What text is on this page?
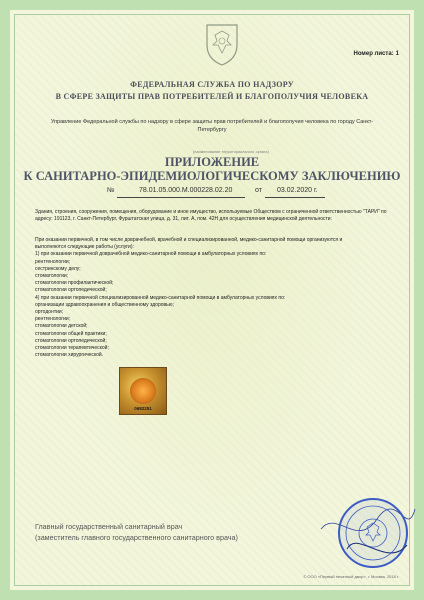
Номер листа: 1
ФЕДЕРАЛЬНАЯ СЛУЖБА ПО НАДЗОРУ
В СФЕРЕ ЗАЩИТЫ ПРАВ ПОТРЕБИТЕЛЕЙ И БЛАГОПОЛУЧИЯ ЧЕЛОВЕКА
Управление Федеральной службы по надзору в сфере защиты прав потребителей и благополучия человека по городу Санкт-Петербургу
(наименование территориального органа)
ПРИЛОЖЕНИЕ
К САНИТАРНО-ЭПИДЕМИОЛОГИЧЕСКОМУ ЗАКЛЮЧЕНИЮ
№	78.01.05.000.М.000228.02.20	от 03.02.2020 г.
Здания, строения, сооружения, помещения, оборудование и иное имущество, используемые Обществом с ограниченной ответственностью "ТАРИ" по адресу: 191123, г. Санкт-Петербург, Фурштатская улица, д. 31, лит. А, пом. 42Н для осуществления медицинской деятельности:
При оказании первичной, в том числе доврачебной, врачебной и специализированной, медико-санитарной помощи организуются и
выполняются следующие работы (услуги):
1) при оказании первичной доврачебной медико-санитарной помощи в амбулаторных условиях по:
рентгенологии;
сестринскому делу;
стоматологии;
стоматологии профилактической;
стоматологии ортопедической;
4) при оказании первичной специализированной медико-санитарной помощи в амбулаторных условиях по:
организации здравоохранения и общественному здоровью;
ортодонтии;
рентгенологии;
стоматологии детской;
стоматологии общей практики;
стоматологии ортопедической;
стоматологии терапевтической;
стоматологии хирургической.
0682251
Главный государственный санитарный врач
(заместитель главного государственного санитарного врача)
© ООО «Первый печатный двор», г. Москва, 2018 г.
